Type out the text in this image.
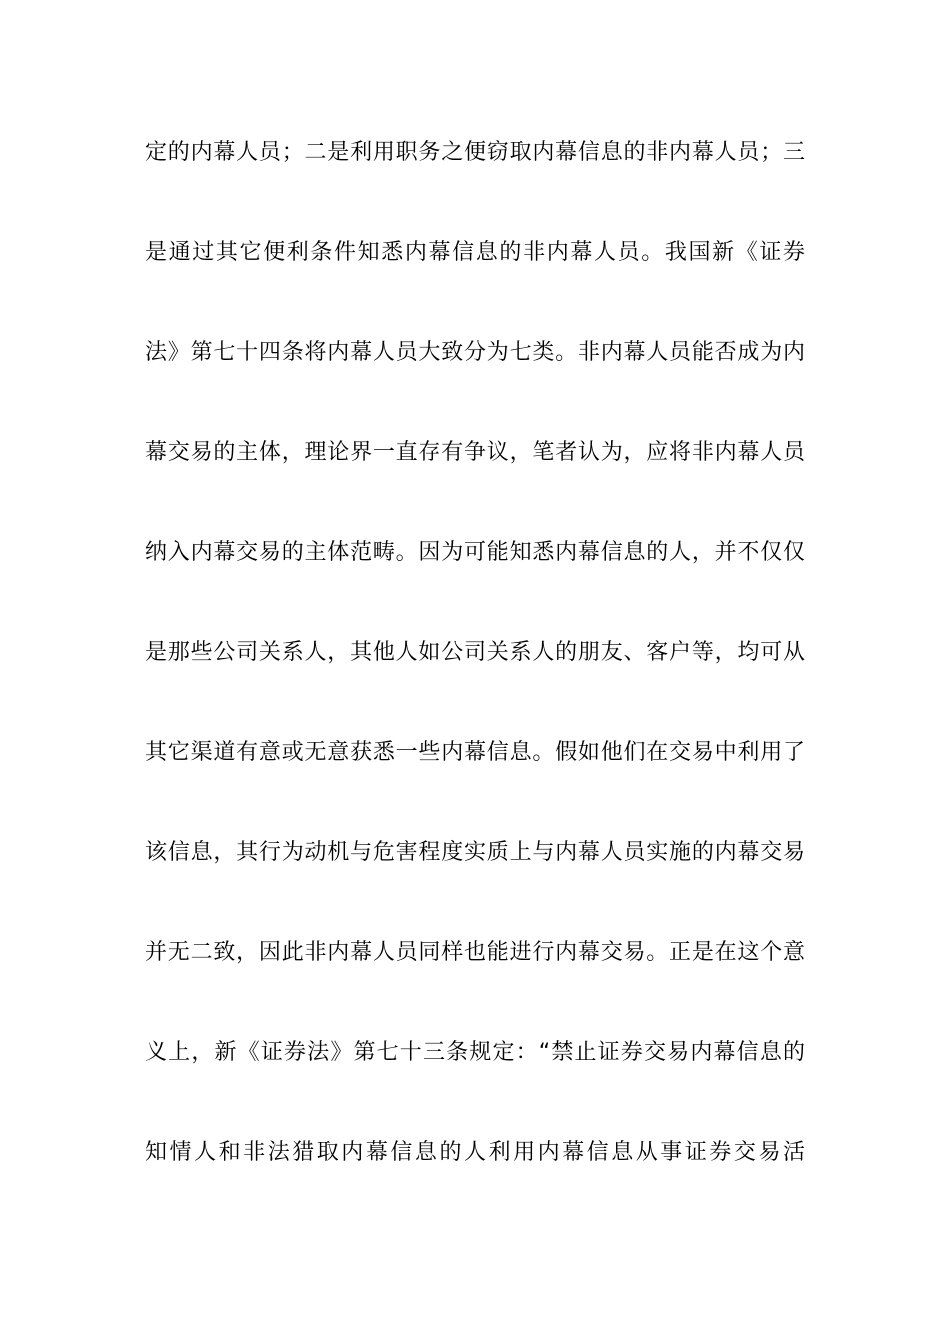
定的内幕人员；二是利用职务之便窃取内幕信息的非内幕人员；三
是通过其它便利条件知悉内幕信息的非内幕人员。我国新《证券
法》第七十四条将内幕人员大致分为七类。非内幕人员能否成为内
幕交易的主体，理论界一直存有争议，笔者认为，应将非内幕人员
纳入内幕交易的主体范畴。因为可能知悉内幕信息的人，并不仅仅
是那些公司关系人，其他人如公司关系人的朋友、客户等，均可从
其它渠道有意或无意获悉一些内幕信息。假如他们在交易中利用了
该信息，其行为动机与危害程度实质上与内幕人员实施的内幕交易
并无二致，因此非内幕人员同样也能进行内幕交易。正是在这个意
义上，新《证券法》第七十三条规定：“禁止证券交易内幕信息的
知情人和非法猎取内幕信息的人利用内幕信息从事证券交易活
